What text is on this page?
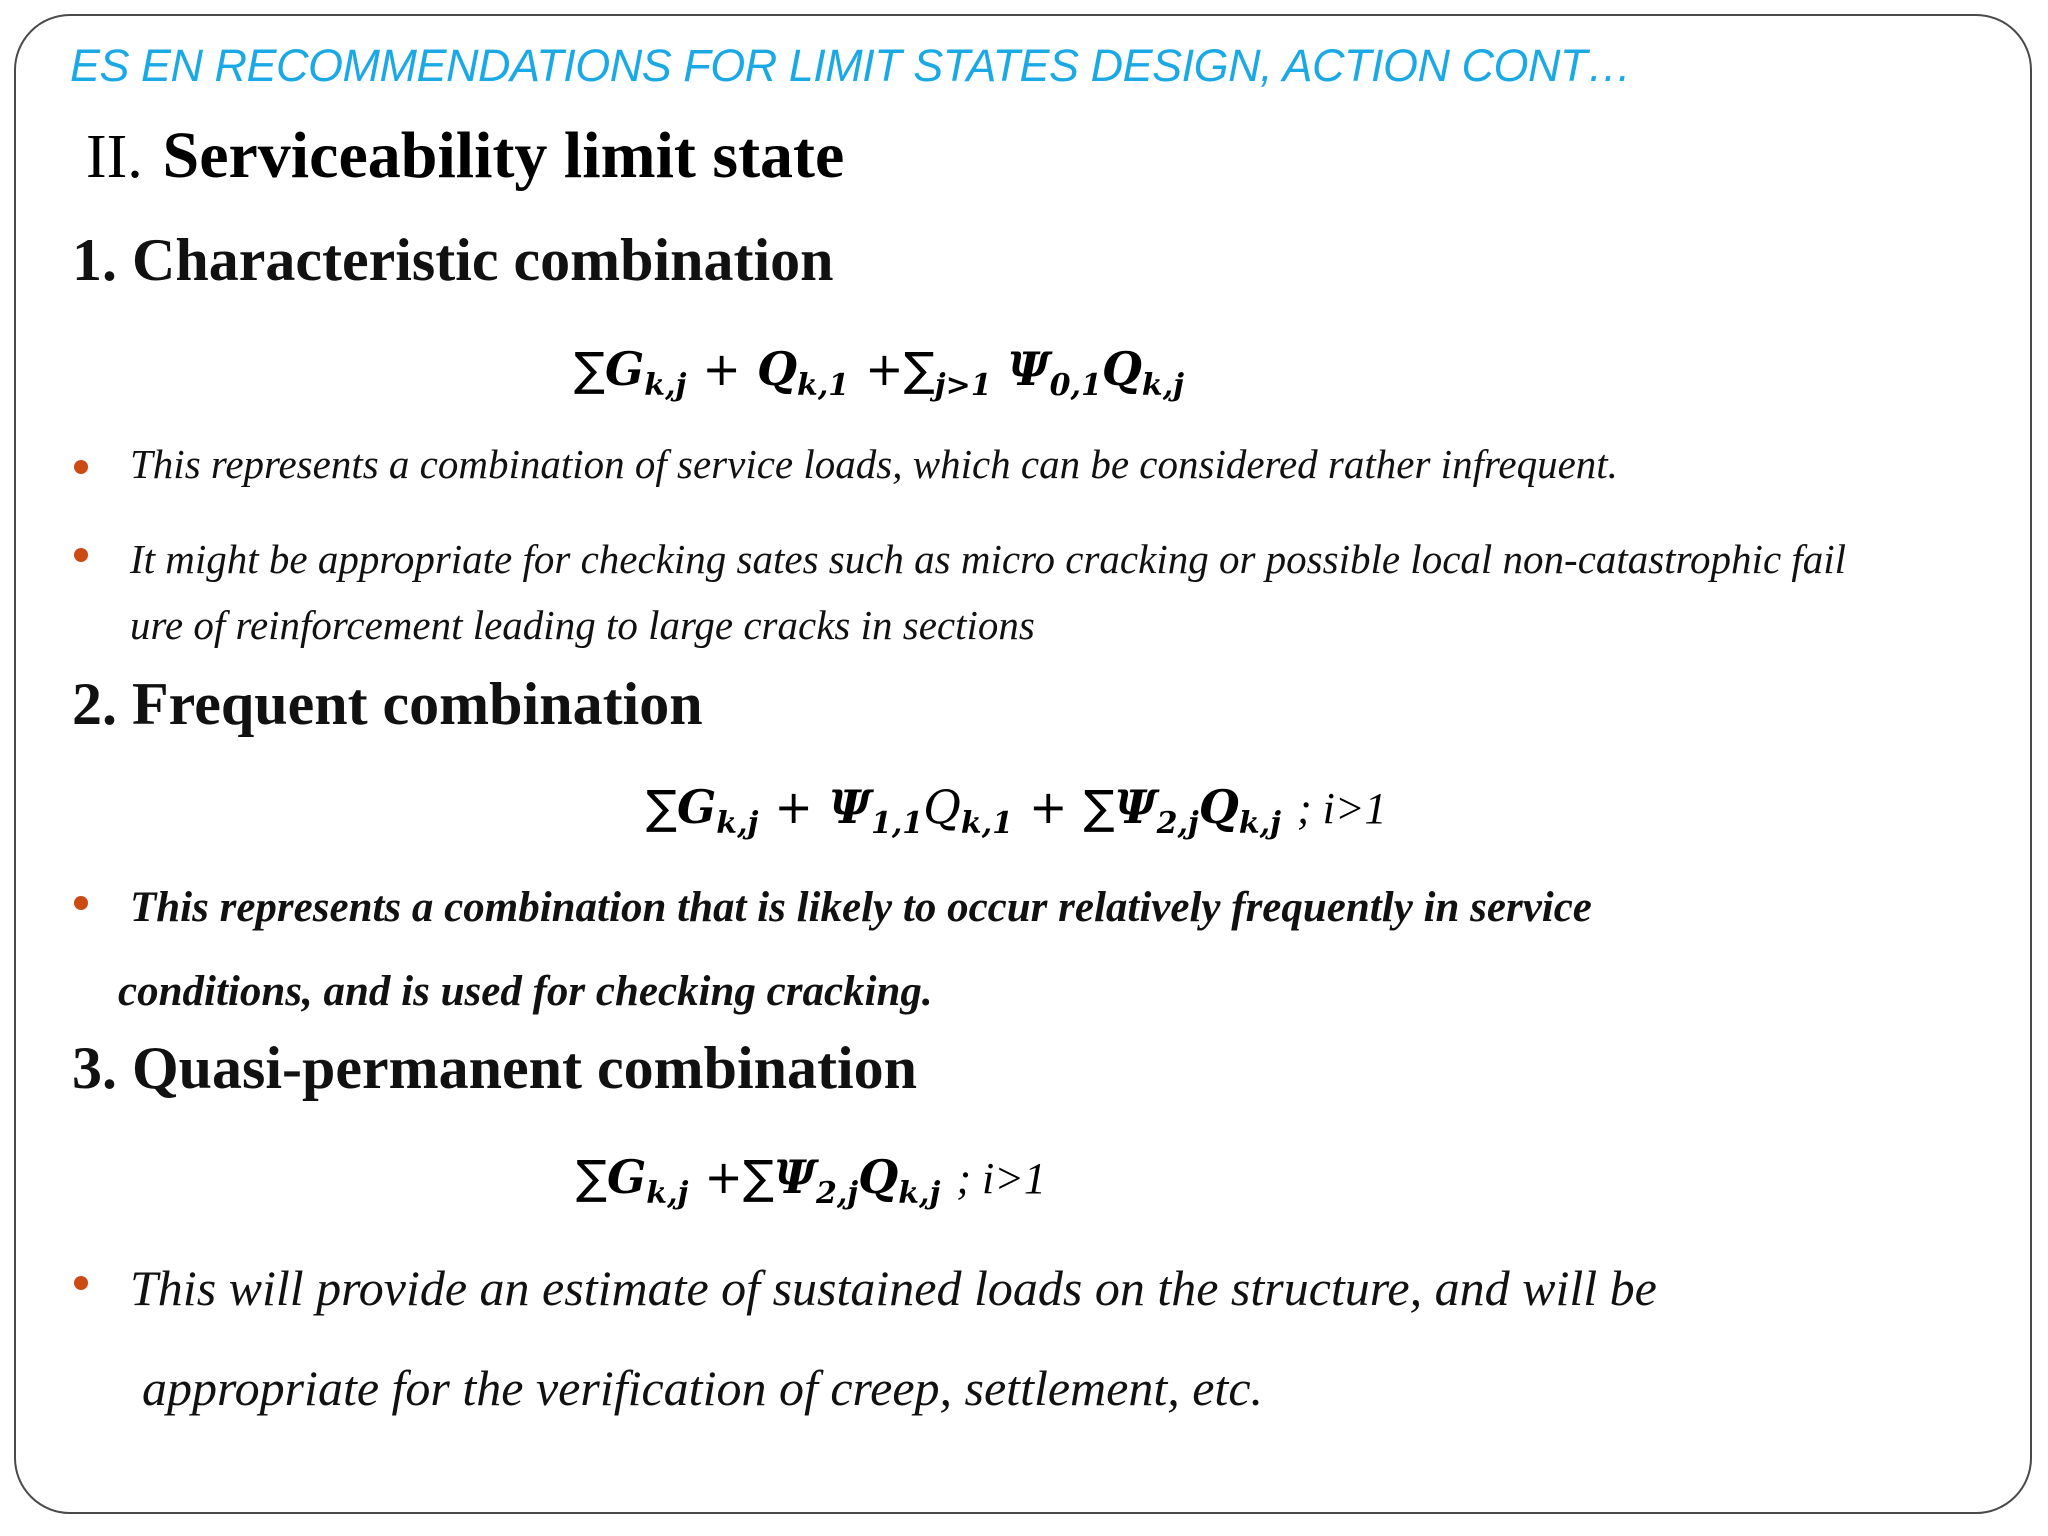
ES EN RECOMMENDATIONS FOR LIMIT STATES DESIGN, ACTION CONT…
II. Serviceability limit state
1. Characteristic combination
$\sum G_{k,j} + Q_{k,1} +\sum_{j>1}$ $\Psi_{0,1}Q_{k,j}$
This represents a combination of service loads, which can be considered rather infrequent.
It might be appropriate for checking sates such as micro cracking or possible local non-catastrophic fail
ure of reinforcement leading to large cracks in sections
2. Frequent combination
$\sum G_{k,j} + \Psi_{1,1}Q_{k,1} + \sum\Psi_{2,j}Q_{k,j}$ ; i>1
This represents a combination that is likely to occur relatively frequently in service
conditions, and is used for checking cracking.
3. Quasi-permanent combination
$\sum G_{k,j} +\sum\Psi_{2,j}Q_{k,j}$ ; i>1
This will provide an estimate of sustained loads on the structure, and will be
appropriate for the verification of creep, settlement, etc.
